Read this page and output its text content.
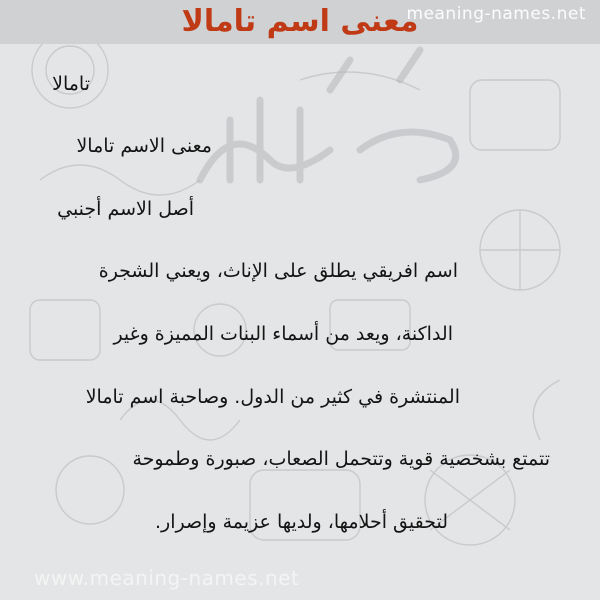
معنى اسم تامالا
meaning-names.net
تامالا
معنى الاسم تامالا
أصل الاسم أجنبي
اسم افريقي يطلق على الإناث، ويعني الشجرة
الداكنة، ويعد من أسماء البنات المميزة وغير
المنتشرة في كثير من الدول. وصاحبة اسم تامالا
تتمتع بشخصية قوية وتتحمل الصعاب، صبورة وطموحة
لتحقيق أحلامها، ولديها عزيمة وإصرار.
www.meaning-names.net
